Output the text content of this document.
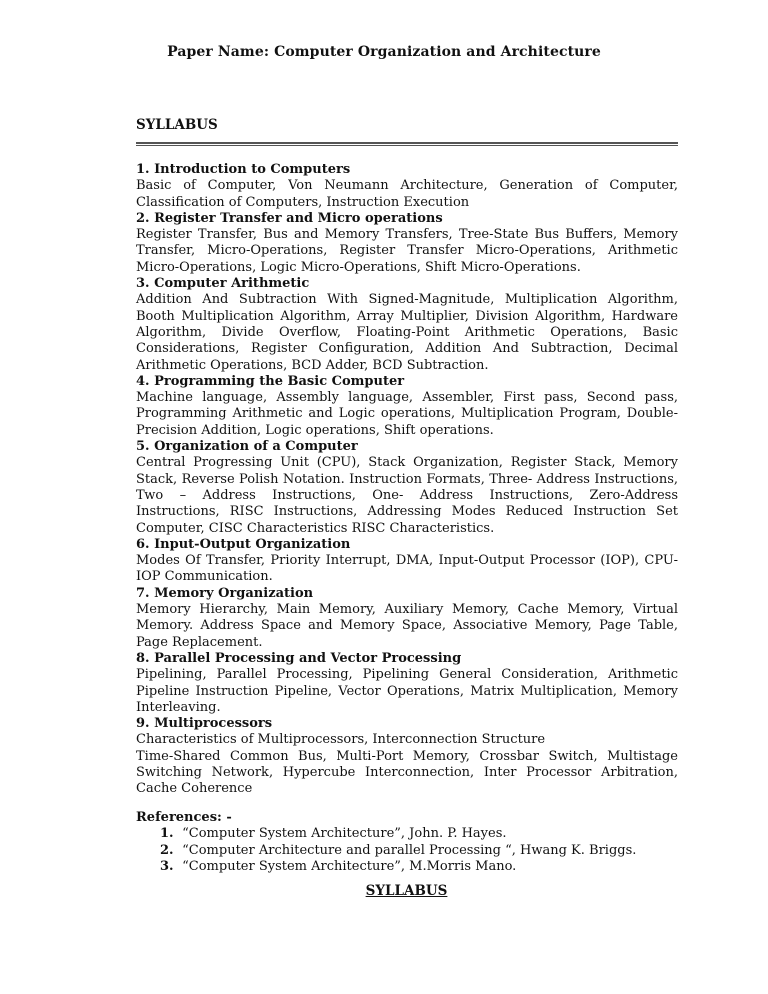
Paper Name: Computer Organization and Architecture

SYLLABUS

1. Introduction to Computers

Basic of Computer, Von Neumann Architecture, Generation of Computer, Classification of Computers, Instruction Execution

2. Register Transfer and Micro operations

Register Transfer, Bus and Memory Transfers, Tree-State Bus Buffers, Memory Transfer, Micro-Operations, Register Transfer Micro-Operations, Arithmetic Micro-Operations, Logic Micro-Operations, Shift Micro-Operations.

3. Computer Arithmetic

Addition And Subtraction With Signed-Magnitude, Multiplication Algorithm, Booth Multiplication Algorithm, Array Multiplier, Division Algorithm, Hardware Algorithm, Divide Overflow, Floating-Point Arithmetic Operations, Basic Considerations, Register Configuration, Addition And Subtraction, Decimal Arithmetic Operations, BCD Adder, BCD Subtraction.

4. Programming the Basic Computer

Machine language, Assembly language, Assembler, First pass, Second pass, Programming Arithmetic and Logic operations, Multiplication Program, Double-Precision Addition, Logic operations, Shift operations.

5. Organization of a Computer

Central Progressing Unit (CPU), Stack Organization, Register Stack, Memory Stack, Reverse Polish Notation. Instruction Formats, Three- Address Instructions, Two – Address Instructions, One- Address Instructions, Zero-Address Instructions, RISC Instructions, Addressing Modes Reduced Instruction Set Computer, CISC Characteristics RISC Characteristics.

6. Input-Output Organization

Modes Of Transfer, Priority Interrupt, DMA, Input-Output Processor (IOP), CPU-IOP Communication.

7. Memory Organization

Memory Hierarchy, Main Memory, Auxiliary Memory, Cache Memory, Virtual Memory. Address Space and Memory Space, Associative Memory, Page Table, Page Replacement.

8. Parallel Processing and Vector Processing

Pipelining, Parallel Processing, Pipelining General Consideration, Arithmetic Pipeline Instruction Pipeline, Vector Operations, Matrix Multiplication, Memory Interleaving.

9. Multiprocessors

Characteristics of Multiprocessors, Interconnection Structure

Time-Shared Common Bus, Multi-Port Memory, Crossbar Switch, Multistage Switching Network, Hypercube Interconnection, Inter Processor Arbitration, Cache Coherence

References: -

1. “Computer System Architecture”, John. P. Hayes.
2. “Computer Architecture and parallel Processing “, Hwang K. Briggs.
3. “Computer System Architecture”, M.Morris Mano.
SYLLABUS
